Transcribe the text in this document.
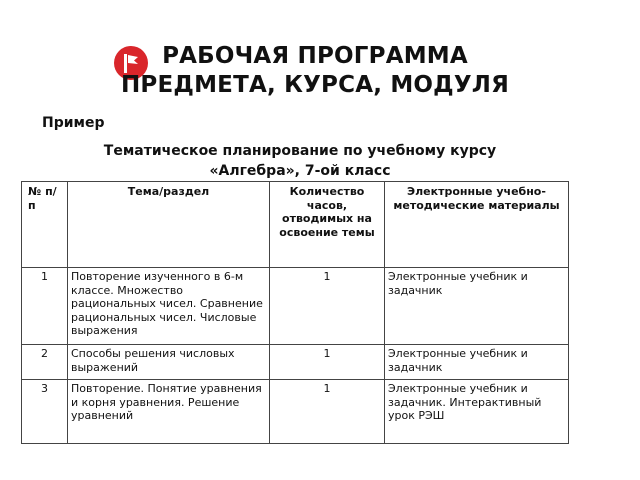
РАБОЧАЯ ПРОГРАММА
ПРЕДМЕТА, КУРСА, МОДУЛЯ
Пример
Тематическое планирование по учебному курсу
«Алгебра», 7-ой класс
№ п/п	Тема/раздел	Количество часов, отводимых на освоение темы	Электронные учебно-методические материалы
1	Повторение изученного в 6-м классе. Множество рациональных чисел. Сравнение рациональных чисел. Числовые выражения	1	Электронные учебник и задачник
2	Способы решения числовых выражений	1	Электронные учебник и задачник
3	Повторение. Понятие уравнения и корня уравнения. Решение уравнений	1	Электронные учебник и задачник. Интерактивный урок РЭШ
